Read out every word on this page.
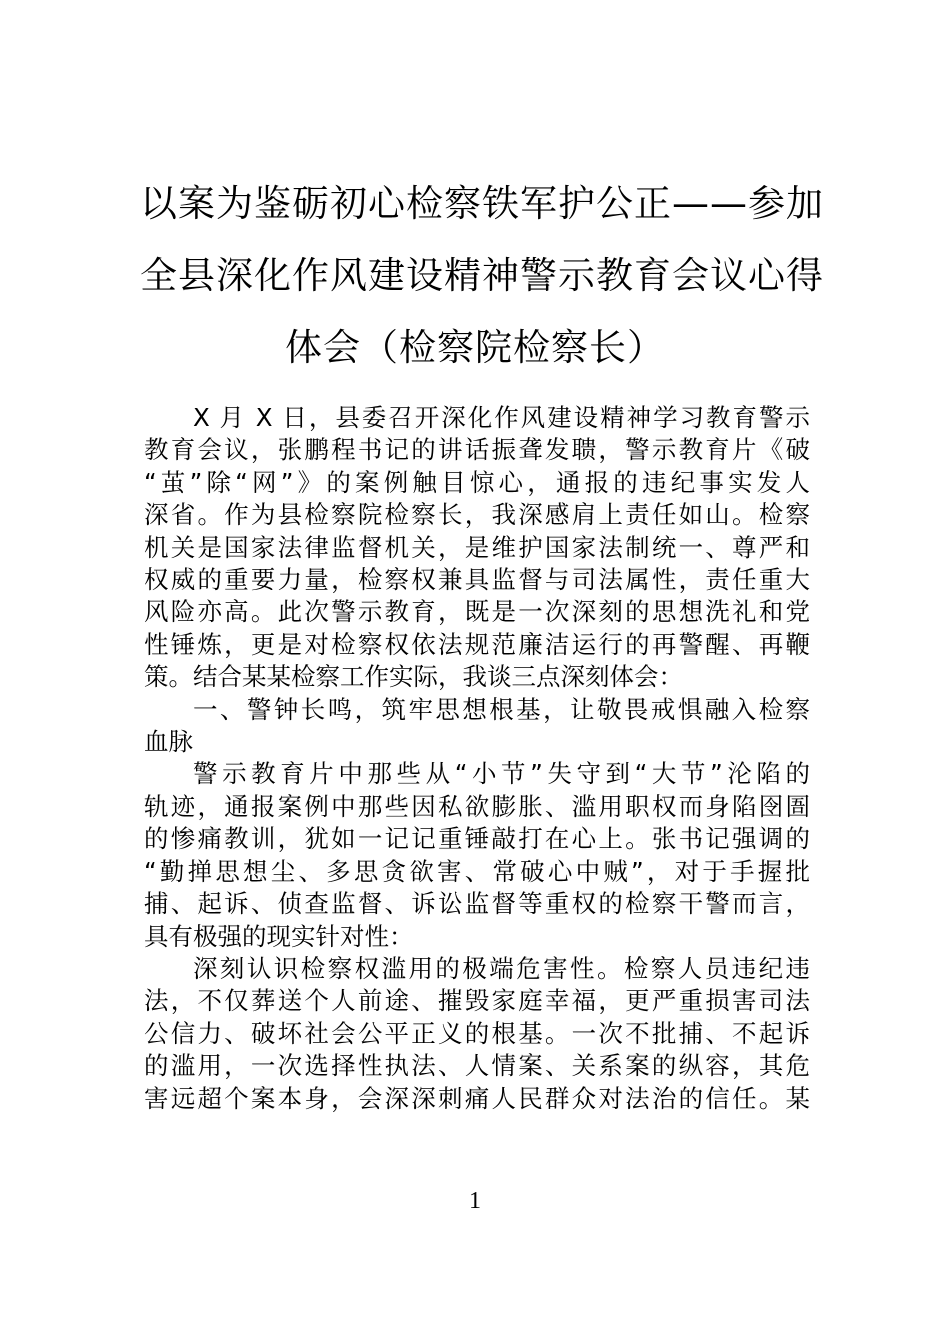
以案为鉴砺初心检察铁军护公正——参加
全县深化作风建设精神警示教育会议心得
体会（检察院检察长）

X 月 X 日，县委召开深化作风建设精神学习教育警示
教育会议，张鹏程书记的讲话振聋发聩，警示教育片《破
“茧”除“网”》的案例触目惊心，通报的违纪事实发人
深省。作为县检察院检察长，我深感肩上责任如山。检察
机关是国家法律监督机关，是维护国家法制统一、尊严和
权威的重要力量，检察权兼具监督与司法属性，责任重大
风险亦高。此次警示教育，既是一次深刻的思想洗礼和党
性锤炼，更是对检察权依法规范廉洁运行的再警醒、再鞭
策。结合某某检察工作实际，我谈三点深刻体会：

一、警钟长鸣，筑牢思想根基，让敬畏戒惧融入检察
血脉

警示教育片中那些从“小节”失守到“大节”沦陷的
轨迹，通报案例中那些因私欲膨胀、滥用职权而身陷囹圄
的惨痛教训，犹如一记记重锤敲打在心上。张书记强调的
“勤掸思想尘、多思贪欲害、常破心中贼”，对于手握批
捕、起诉、侦查监督、诉讼监督等重权的检察干警而言，
具有极强的现实针对性：

深刻认识检察权滥用的极端危害性。检察人员违纪违
法，不仅葬送个人前途、摧毁家庭幸福，更严重损害司法
公信力、破坏社会公平正义的根基。一次不批捕、不起诉
的滥用，一次选择性执法、人情案、关系案的纵容，其危
害远超个案本身，会深深刺痛人民群众对法治的信任。某

1
